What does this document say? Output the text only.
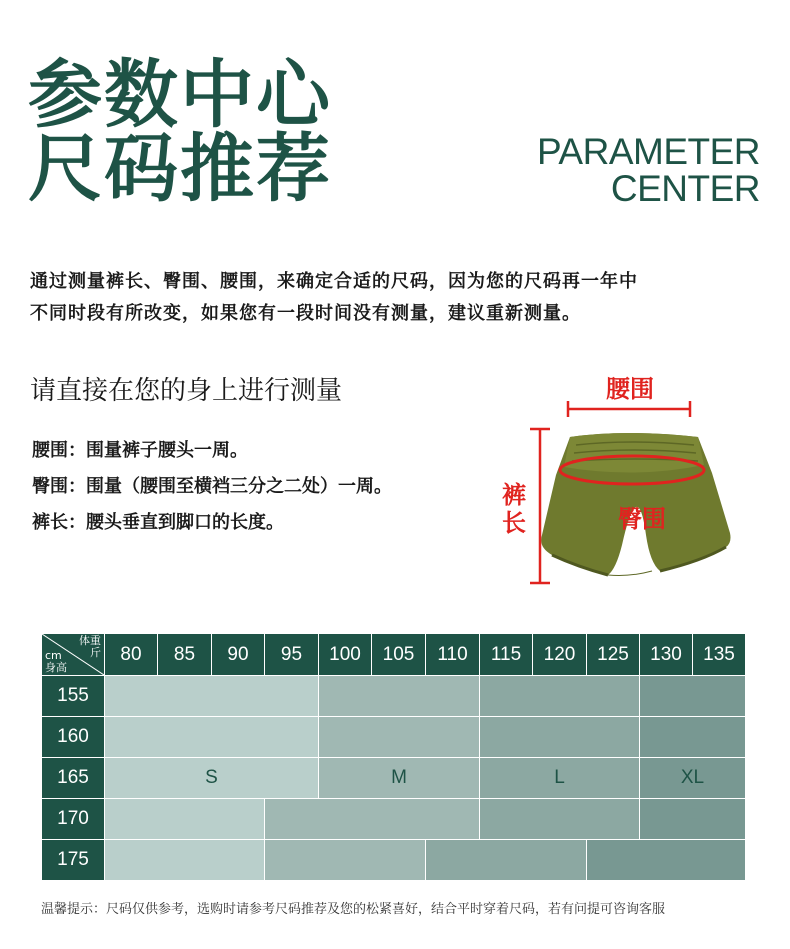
参数中心
尺码推荐	PARAMETER
CENTER
通过测量裤长、臀围、腰围，来确定合适的尺码，因为您的尺码再一年中
不同时段有所改变，如果您有一段时间没有测量，建议重新测量。
请直接在您的身上进行测量
腰围：围量裤子腰头一周。
臀围：围量（腰围至横裆三分之二处）一周。
裤长：腰头垂直到脚口的长度。
腰围
臀围
裤
长
体重
斤
cm
身高	80	85	90	95	100	105	110	115	120	125	130	135
155												
160												
165	S				M			L			XL	
170												
175												
温馨提示：尺码仅供参考，选购时请参考尺码推荐及您的松紧喜好，结合平时穿着尺码，若有问提可咨询客服
